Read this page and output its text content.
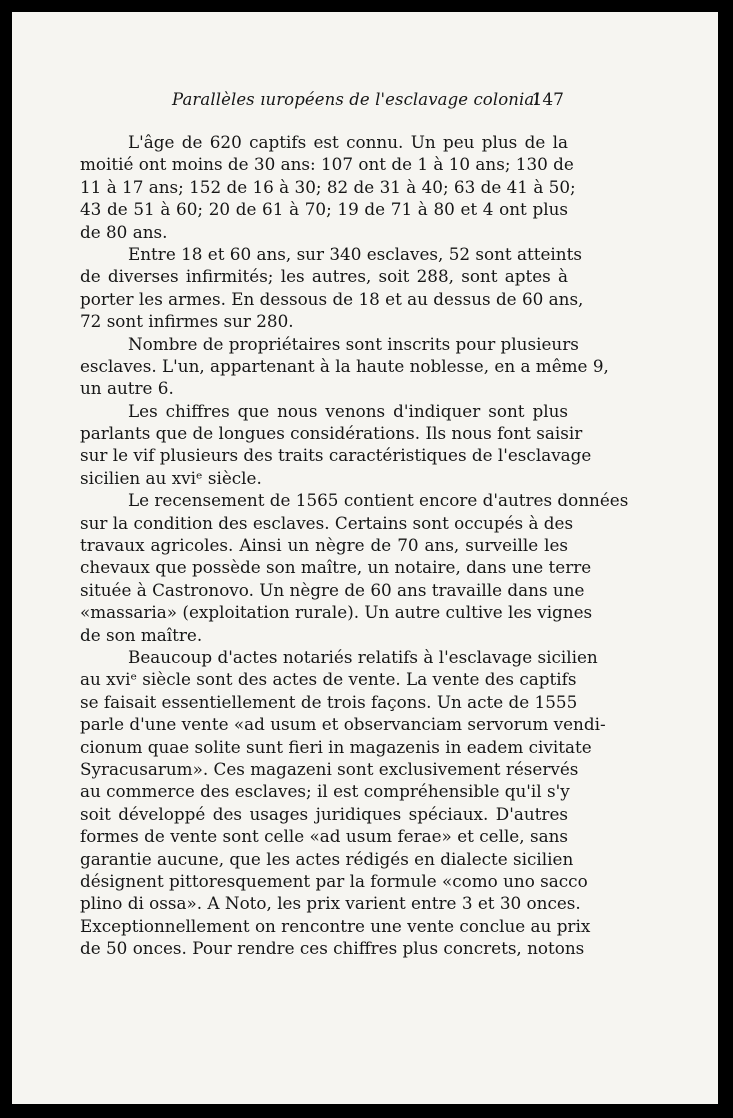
Parallèles ıuropéens de l'esclavage colonial
147
L'âge de 620 captifs est connu. Un peu plus de la
moitié ont moins de 30 ans: 107 ont de 1 à 10 ans; 130 de
11 à 17 ans; 152 de 16 à 30; 82 de 31 à 40; 63 de 41 à 50;
43 de 51 à 60; 20 de 61 à 70; 19 de 71 à 80 et 4 ont plus
de 80 ans.
Entre 18 et 60 ans, sur 340 esclaves, 52 sont atteints
de diverses infirmités; les autres, soit 288, sont aptes à
porter les armes. En dessous de 18 et au dessus de 60 ans,
72 sont infirmes sur 280.
Nombre de propriétaires sont inscrits pour plusieurs
esclaves. L'un, appartenant à la haute noblesse, en a même 9,
un autre 6.
Les chiffres que nous venons d'indiquer sont plus
parlants que de longues considérations. Ils nous font saisir
sur le vif plusieurs des traits caractéristiques de l'esclavage
sicilien au xviᵉ siècle.
Le recensement de 1565 contient encore d'autres données
sur la condition des esclaves. Certains sont occupés à des
travaux agricoles. Ainsi un nègre de 70 ans, surveille les
chevaux que possède son maître, un notaire, dans une terre
située à Castronovo. Un nègre de 60 ans travaille dans une
«massaria» (exploitation rurale). Un autre cultive les vignes
de son maître.
Beaucoup d'actes notariés relatifs à l'esclavage sicilien
au xviᵉ siècle sont des actes de vente. La vente des captifs
se faisait essentiellement de trois façons. Un acte de 1555
parle d'une vente «ad usum et observanciam servorum vendi-
cionum quae solite sunt fieri in magazenis in eadem civitate
Syracusarum». Ces magazeni sont exclusivement réservés
au commerce des esclaves; il est compréhensible qu'il s'y
soit développé des usages juridiques spéciaux. D'autres
formes de vente sont celle «ad usum ferae» et celle, sans
garantie aucune, que les actes rédigés en dialecte sicilien
désignent pittoresquement par la formule «como uno sacco
plino di ossa». A Noto, les prix varient entre 3 et 30 onces.
Exceptionnellement on rencontre une vente conclue au prix
de 50 onces. Pour rendre ces chiffres plus concrets, notons
